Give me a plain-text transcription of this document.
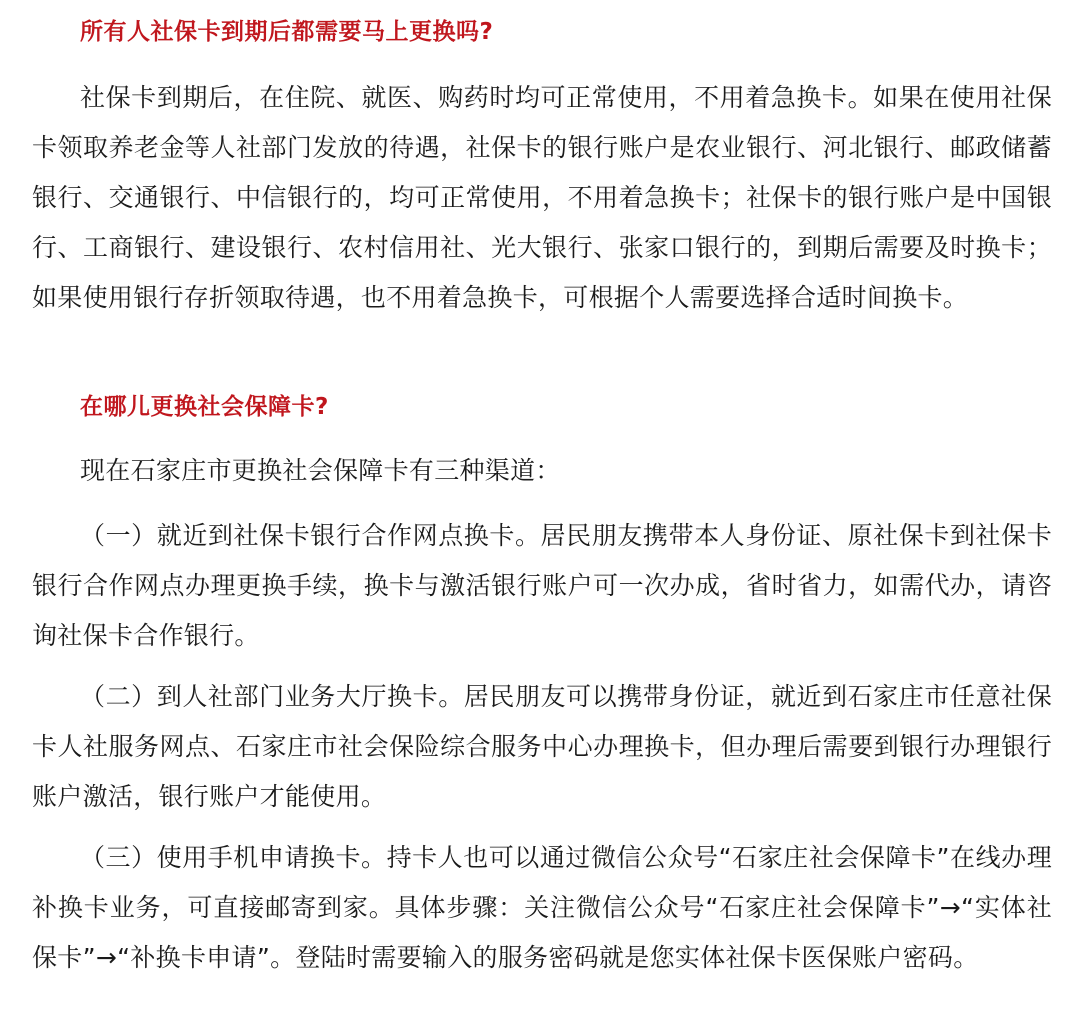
所有人社保卡到期后都需要马上更换吗?

社保卡到期后，在住院、就医、购药时均可正常使用，不用着急换卡。如果在使用社保卡领取养老金等人社部门发放的待遇，社保卡的银行账户是农业银行、河北银行、邮政储蓄银行、交通银行、中信银行的，均可正常使用，不用着急换卡；社保卡的银行账户是中国银行、工商银行、建设银行、农村信用社、光大银行、张家口银行的，到期后需要及时换卡；如果使用银行存折领取待遇，也不用着急换卡，可根据个人需要选择合适时间换卡。

在哪儿更换社会保障卡?

现在石家庄市更换社会保障卡有三种渠道：

（一）就近到社保卡银行合作网点换卡。居民朋友携带本人身份证、原社保卡到社保卡银行合作网点办理更换手续，换卡与激活银行账户可一次办成，省时省力，如需代办，请咨询社保卡合作银行。

（二）到人社部门业务大厅换卡。居民朋友可以携带身份证，就近到石家庄市任意社保卡人社服务网点、石家庄市社会保险综合服务中心办理换卡，但办理后需要到银行办理银行账户激活，银行账户才能使用。

（三）使用手机申请换卡。持卡人也可以通过微信公众号“石家庄社会保障卡”在线办理补换卡业务，可直接邮寄到家。具体步骤：关注微信公众号“石家庄社会保障卡”→“实体社保卡”→“补换卡申请”。登陆时需要输入的服务密码就是您实体社保卡医保账户密码。
